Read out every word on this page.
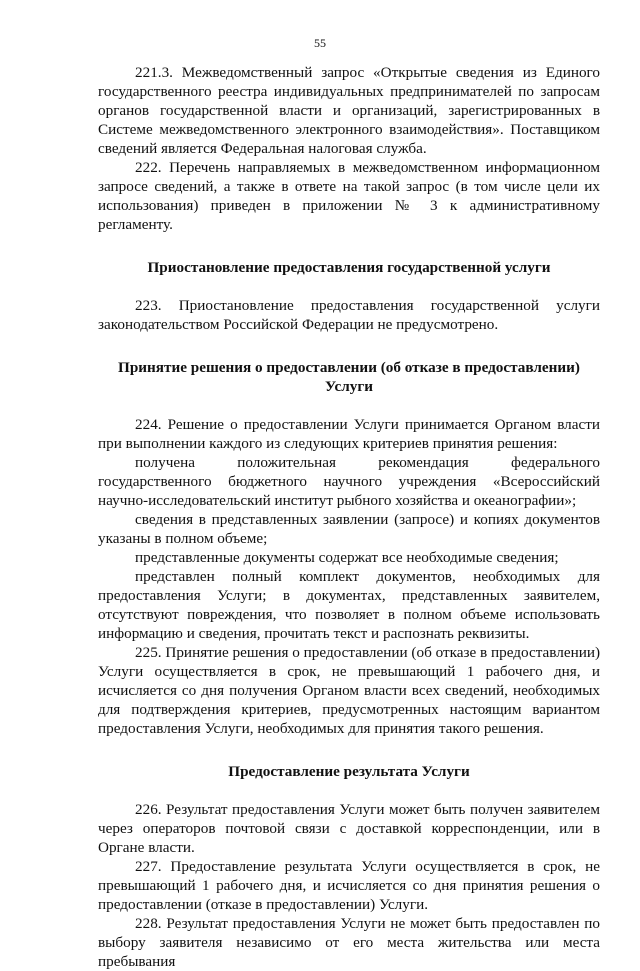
55

221.3. Межведомственный запрос «Открытые сведения из Единого государственного реестра индивидуальных предпринимателей по запросам органов государственной власти и организаций, зарегистрированных в Системе межведомственного электронного взаимодействия». Поставщиком сведений является Федеральная налоговая служба.

222. Перечень направляемых в межведомственном информационном запросе сведений, а также в ответе на такой запрос (в том числе цели их использования) приведен в приложении № 3 к административному регламенту.

Приостановление предоставления государственной услуги

223. Приостановление предоставления государственной услуги законодательством Российской Федерации не предусмотрено.

Принятие решения о предоставлении (об отказе в предоставлении) Услуги

224. Решение о предоставлении Услуги принимается Органом власти при выполнении каждого из следующих критериев принятия решения:

получена положительная рекомендация федерального государственного бюджетного научного учреждения «Всероссийский научно-исследовательский институт рыбного хозяйства и океанографии»;

сведения в представленных заявлении (запросе) и копиях документов указаны в полном объеме;

представленные документы содержат все необходимые сведения;

представлен полный комплект документов, необходимых для предоставления Услуги; в документах, представленных заявителем, отсутствуют повреждения, что позволяет в полном объеме использовать информацию и сведения, прочитать текст и распознать реквизиты.

225. Принятие решения о предоставлении (об отказе в предоставлении) Услуги осуществляется в срок, не превышающий 1 рабочего дня, и исчисляется со дня получения Органом власти всех сведений, необходимых для подтверждения критериев, предусмотренных настоящим вариантом предоставления Услуги, необходимых для принятия такого решения.

Предоставление результата Услуги

226. Результат предоставления Услуги может быть получен заявителем через операторов почтовой связи с доставкой корреспонденции, или в Органе власти.

227. Предоставление результата Услуги осуществляется в срок, не превышающий 1 рабочего дня, и исчисляется со дня принятия решения о предоставлении (отказе в предоставлении) Услуги.

228. Результат предоставления Услуги не может быть предоставлен по выбору заявителя независимо от его места жительства или места пребывания
